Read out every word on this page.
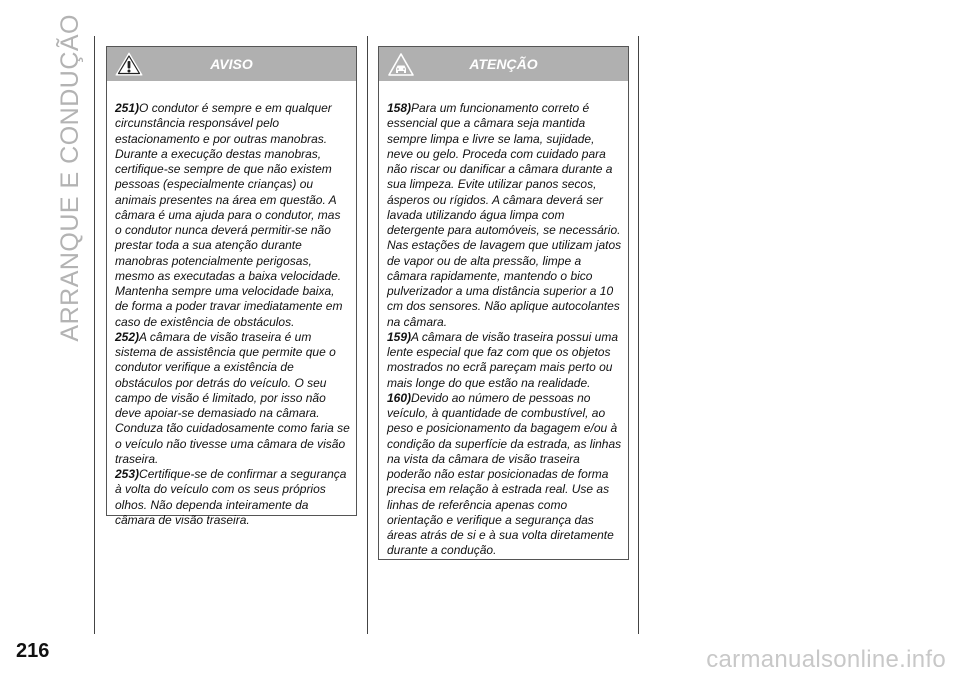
ARRANQUE E CONDUÇÃO
216
AVISO

251)O condutor é sempre e em qualquer circunstância responsável pelo estacionamento e por outras manobras. Durante a execução destas manobras, certifique-se sempre de que não existem pessoas (especialmente crianças) ou animais presentes na área em questão. A câmara é uma ajuda para o condutor, mas o condutor nunca deverá permitir-se não prestar toda a sua atenção durante manobras potencialmente perigosas, mesmo as executadas a baixa velocidade. Mantenha sempre uma velocidade baixa, de forma a poder travar imediatamente em caso de existência de obstáculos.

252)A câmara de visão traseira é um sistema de assistência que permite que o condutor verifique a existência de obstáculos por detrás do veículo. O seu campo de visão é limitado, por isso não deve apoiar-se demasiado na câmara. Conduza tão cuidadosamente como faria se o veículo não tivesse uma câmara de visão traseira.

253)Certifique-se de confirmar a segurança à volta do veículo com os seus próprios olhos. Não dependa inteiramente da câmara de visão traseira.

ATENÇÃO

158)Para um funcionamento correto é essencial que a câmara seja mantida sempre limpa e livre se lama, sujidade, neve ou gelo. Proceda com cuidado para não riscar ou danificar a câmara durante a sua limpeza. Evite utilizar panos secos, ásperos ou rígidos. A câmara deverá ser lavada utilizando água limpa com detergente para automóveis, se necessário. Nas estações de lavagem que utilizam jatos de vapor ou de alta pressão, limpe a câmara rapidamente, mantendo o bico pulverizador a uma distância superior a 10 cm dos sensores. Não aplique autocolantes na câmara.

159)A câmara de visão traseira possui uma lente especial que faz com que os objetos mostrados no ecrã pareçam mais perto ou mais longe do que estão na realidade.

160)Devido ao número de pessoas no veículo, à quantidade de combustível, ao peso e posicionamento da bagagem e/ou à condição da superfície da estrada, as linhas na vista da câmara de visão traseira poderão não estar posicionadas de forma precisa em relação à estrada real. Use as linhas de referência apenas como orientação e verifique a segurança das áreas atrás de si e à sua volta diretamente durante a condução.

carmanualsonline.info
